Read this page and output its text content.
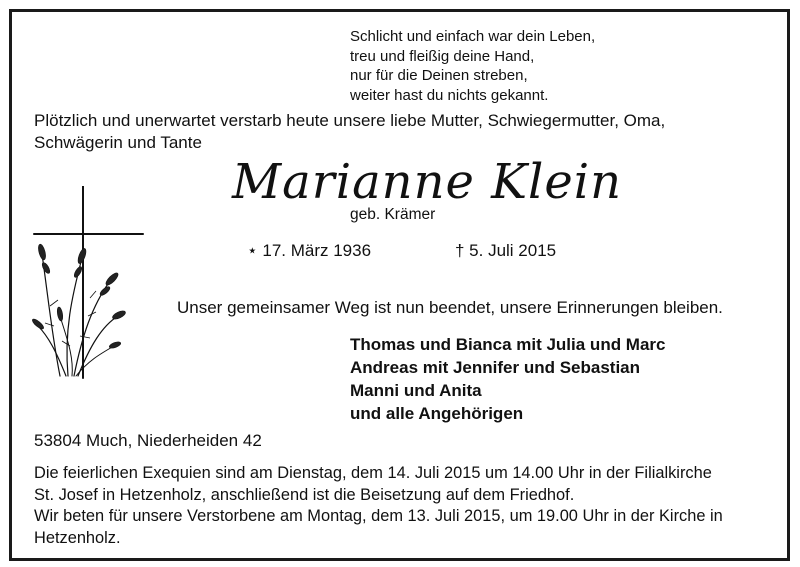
Schlicht und einfach war dein Leben,
treu und fleißig deine Hand,
nur für die Deinen streben,
weiter hast du nichts gekannt.
Plötzlich und unerwartet verstarb heute unsere liebe Mutter, Schwiegermutter, Oma,
Schwägerin und Tante
Marianne Klein
geb. Krämer
⋆ 17. März 1936	† 5. Juli 2015
Unser gemeinsamer Weg ist nun beendet, unsere Erinnerungen bleiben.
Thomas und Bianca mit Julia und Marc
Andreas mit Jennifer und Sebastian
Manni und Anita
und alle Angehörigen
53804 Much, Niederheiden 42
Die feierlichen Exequien sind am Dienstag, dem 14. Juli 2015 um 14.00 Uhr in der Filialkirche
St. Josef in Hetzenholz, anschließend ist die Beisetzung auf dem Friedhof.
Wir beten für unsere Verstorbene am Montag, dem 13. Juli 2015, um 19.00 Uhr in der Kirche in
Hetzenholz.
